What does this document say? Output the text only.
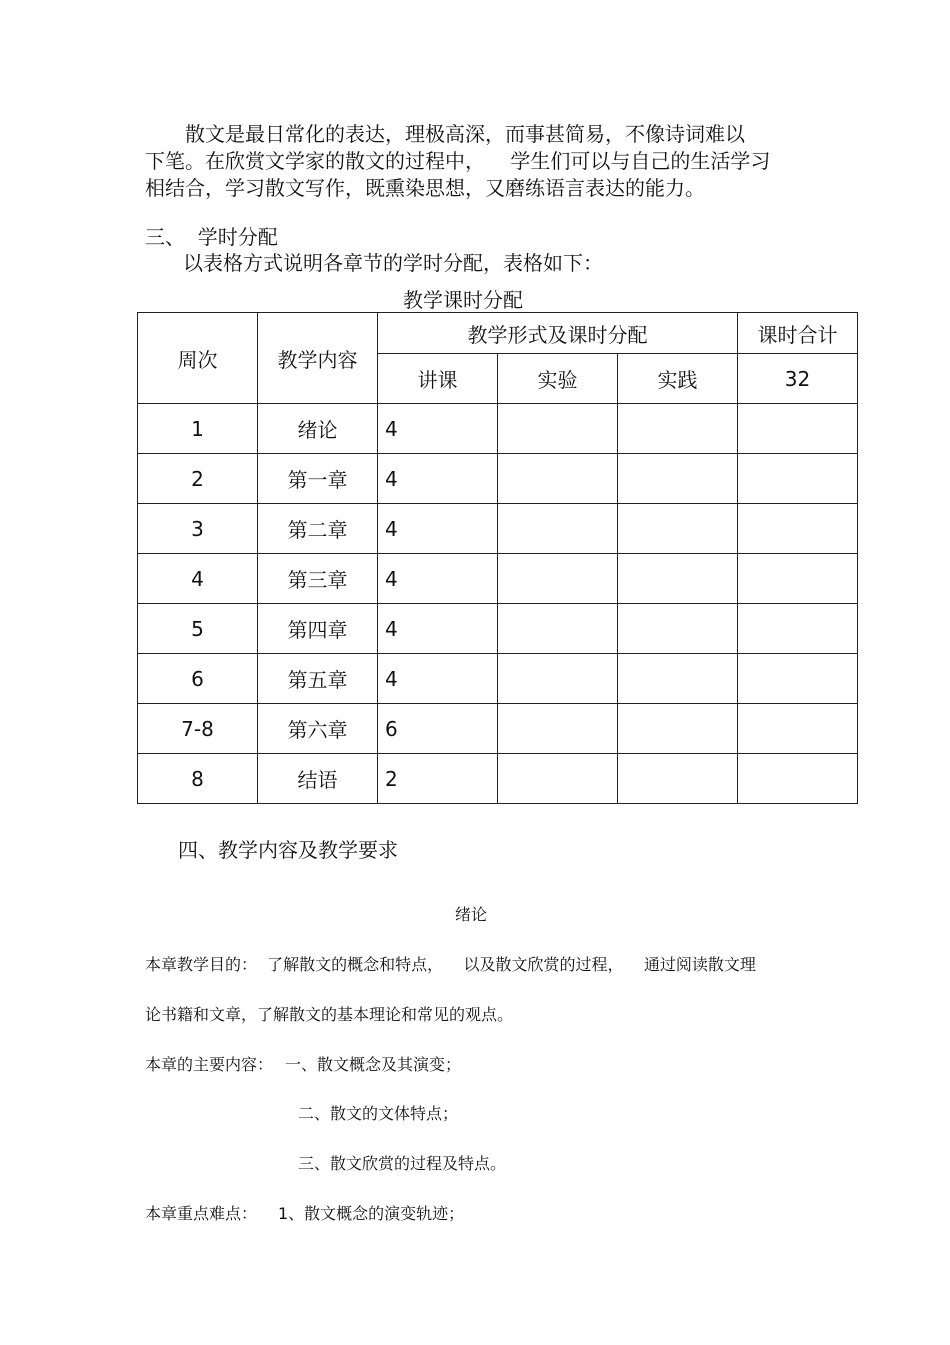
散文是最日常化的表达，理极高深，而事甚简易，不像诗词难以
下笔。在欣赏文学家的散文的过程中，    学生们可以与自己的生活学习
相结合，学习散文写作，既熏染思想，又磨练语言表达的能力。
三、  学时分配
以表格方式说明各章节的学时分配，表格如下：
教学课时分配
周次	教学内容	教学形式及课时分配			课时合计
		讲课	实验	实践	32
1	绪论	4			
2	第一章	4			
3	第二章	4			
4	第三章	4			
5	第四章	4			
6	第五章	4			
7-8	第六章	6			
8	结语	2			
四、教学内容及教学要求
绪论
本章教学目的：  了解散文的概念和特点，    以及散文欣赏的过程，    通过阅读散文理
论书籍和文章，了解散文的基本理论和常见的观点。
本章的主要内容： 一、散文概念及其演变；
二、散文的文体特点；
三、散文欣赏的过程及特点。
本章重点难点： 1、散文概念的演变轨迹；
